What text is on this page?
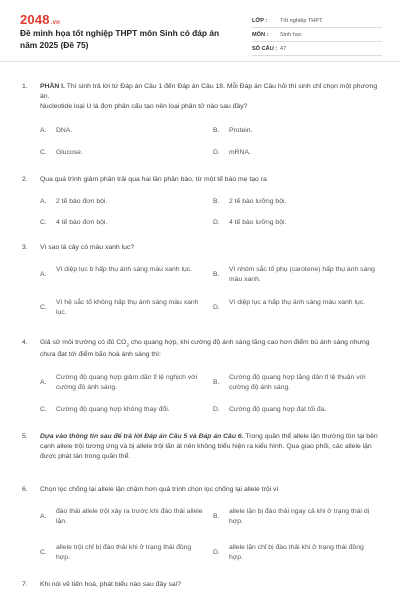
2048.vn
Đề minh họa tốt nghiệp THPT môn Sinh có đáp án năm 2025 (Đề 75)
LỚP :	Tốt nghiệp THPT
MÔN :	Sinh học
SỐ CÂU : 47
1. PHẦN I. Thí sinh trả lời từ Đáp án Câu 1 đến Đáp án Câu 18. Mỗi Đáp án Câu hỏi thí sinh chỉ chọn một phương án.
Nucleotide loại U là đơn phân cấu tạo nên loại phân tử nào sau đây?
A. DNA.	B. Protein.
C. Glucose.	D. mRNA.
2. Qua quá trình giảm phân trải qua hai lần phân bào, từ một tế bào mẹ tạo ra
A. 2 tế bào đơn bội.	B. 2 tế bào lưỡng bội.
C. 4 tế bào đơn bội.	D. 4 tế bào lưỡng bội.
3. Vì sao lá cây có màu xanh lục?
A.
Vì diệp lục b hấp thụ ánh sáng màu xanh lục.
B.
Vì nhóm sắc tố phụ (carotene) hấp thụ ánh sáng màu xanh.
C.
Vì hệ sắc tố không hấp thụ ánh sáng màu xanh lục.
D.
Vì diệp lục a hấp thụ ánh sáng màu xanh lục.
4. Giả sử môi trường có đủ $CO_2$ cho quang hợp, khi cường độ ánh sáng tăng cao hơn điểm bù ánh sáng nhưng chưa đạt tới điểm bão hoà ánh sáng thì:
A.
Cường độ quang hợp giảm dần tỉ lệ nghịch với cường độ ánh sáng.
B.
Cường độ quang hợp tăng dần tỉ lệ thuận với cường độ ánh sáng.
C. Cường độ quang hợp không thay đổi.	D. Cường độ quang hợp đạt tối đa.
5. Dựa vào thông tin sau để trả lời Đáp án Câu 5 và Đáp án Câu 6. Trong quần thể allele lặn thường tồn tại bên cạnh allele trội tương ứng và bị allele trội lấn át nên không biểu hiện ra kiểu hình. Qua giao phối, các allele lặn được phát tán trong quần thể.
6. Chọn lọc chống lại allele lặn chậm hơn quá trình chọn lọc chống lại allele trội vì
A.
đào thải allele trội xảy ra trước khi đào thải allele lặn.
B.
allele lặn bị đào thải ngay cả khi ở trạng thái dị hợp.
C.
allele trội chỉ bị đào thải khi ở trạng thái đồng hợp.
D.
allele lặn chỉ bị đào thải khi ở trạng thái đồng hợp.
7. Khi nói về tiến hoá, phát biểu nào sau đây sai?
